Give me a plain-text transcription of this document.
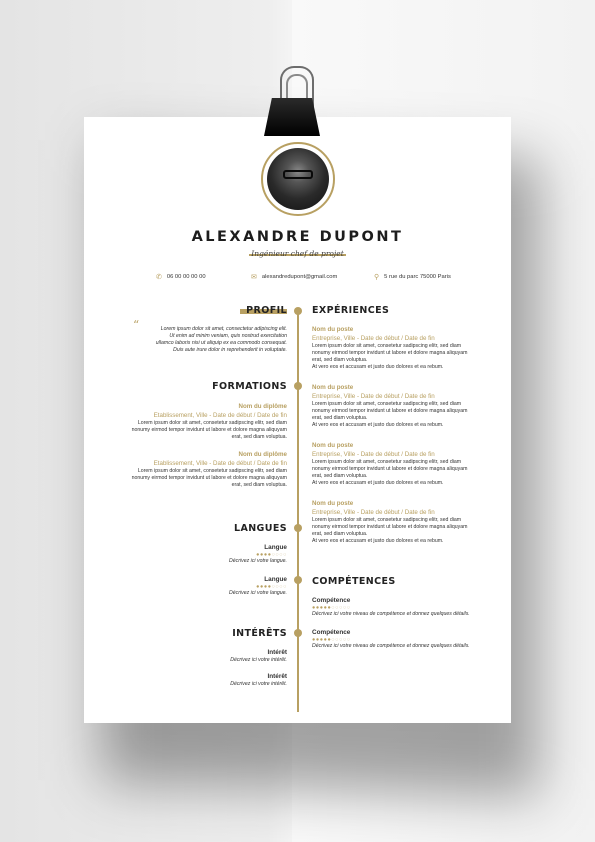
ALEXANDRE DUPONT
Ingénieur chef de projet
✆ 06 00 00 00 00	✉ alexandredupont@gmail.com	⚲ 5 rue du parc 75000 Paris
PROFIL
“	Lorem ipsum dolor sit amet, consectetur adipiscing elit.
Ut enim ad minim veniam, quis nostrud exercitation
ullamco laboris nisi ut aliquip ex ea commodo consequat.
Duis aute irure dolor in reprehenderit in voluptate.
FORMATIONS
Nom du diplôme
Etablissement, Ville - Date de début / Date de fin
Lorem ipsum dolor sit amet, consetetur sadipscing elitr, sed diam
nonumy eirmod tempor invidunt ut labore et dolore magna aliquyam
erat, sed diam voluptua.
Nom du diplôme
Etablissement, Ville - Date de début / Date de fin
Lorem ipsum dolor sit amet, consetetur sadipscing elitr, sed diam
nonumy eirmod tempor invidunt ut labore et dolore magna aliquyam
erat, sed diam voluptua.
LANGUES
Langue
●●●●○○○○
Décrivez ici votre langue.
Langue
●●●●○○○○
Décrivez ici votre langue.
INTÉRÊTS
Intérêt
Décrivez ici votre intérêt.
Intérêt
Décrivez ici votre intérêt.
EXPÉRIENCES
Nom du poste
Entreprise, Ville - Date de début / Date de fin
Lorem ipsum dolor sit amet, consetetur sadipscing elitr, sed diam
nonumy eirmod tempor invidunt ut labore et dolore magna aliquyam
erat, sed diam voluptua.
At vero eos et accusam et justo duo dolores et ea rebum.
Nom du poste
Entreprise, Ville - Date de début / Date de fin
Lorem ipsum dolor sit amet, consetetur sadipscing elitr, sed diam
nonumy eirmod tempor invidunt ut labore et dolore magna aliquyam
erat, sed diam voluptua.
At vero eos et accusam et justo duo dolores et ea rebum.
Nom du poste
Entreprise, Ville - Date de début / Date de fin
Lorem ipsum dolor sit amet, consetetur sadipscing elitr, sed diam
nonumy eirmod tempor invidunt ut labore et dolore magna aliquyam
erat, sed diam voluptua.
At vero eos et accusam et justo duo dolores et ea rebum.
Nom du poste
Entreprise, Ville - Date de début / Date de fin
Lorem ipsum dolor sit amet, consetetur sadipscing elitr, sed diam
nonumy eirmod tempor invidunt ut labore et dolore magna aliquyam
erat, sed diam voluptua.
At vero eos et accusam et justo duo dolores et ea rebum.
COMPÉTENCES
Compétence
●●●●●○○○○○
Décrivez ici votre niveau de compétence et donnez quelques détails.
Compétence
●●●●●○○○○○
Décrivez ici votre niveau de compétence et donnez quelques détails.
